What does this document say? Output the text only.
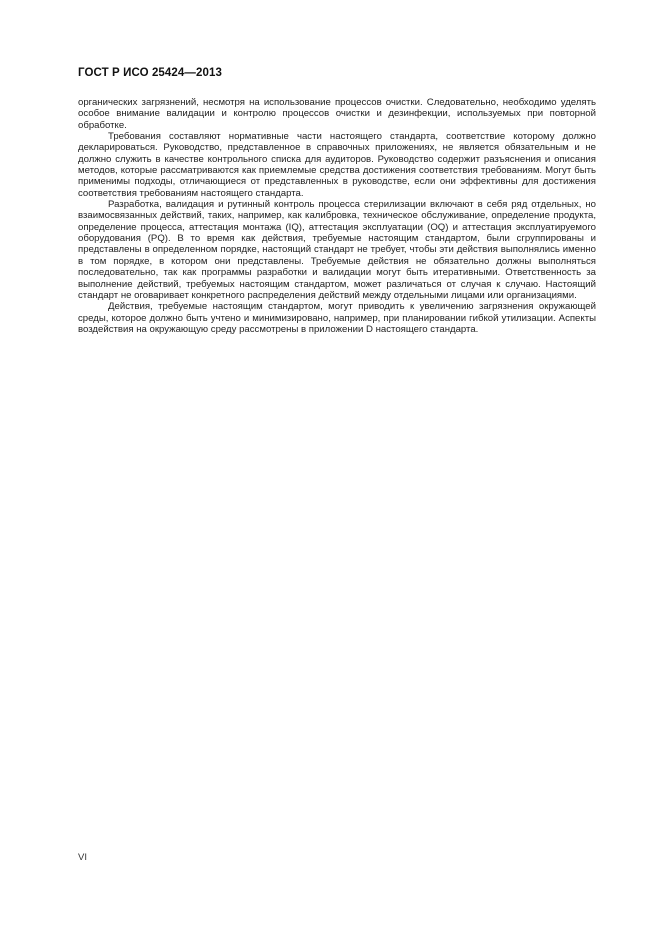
ГОСТ Р ИСО 25424—2013

органических загрязнений, несмотря на использование процессов очистки. Следовательно, необходимо уделять особое внимание валидации и контролю процессов очистки и дезинфекции, используемых при повторной обработке.

Требования составляют нормативные части настоящего стандарта, соответствие которому должно декларироваться. Руководство, представленное в справочных приложениях, не является обязательным и не должно служить в качестве контрольного списка для аудиторов. Руководство содержит разъяснения и описания методов, которые рассматриваются как приемлемые средства достижения соответствия требованиям. Могут быть применимы подходы, отличающиеся от представленных в руководстве, если они эффективны для достижения соответствия требованиям настоящего стандарта.

Разработка, валидация и рутинный контроль процесса стерилизации включают в себя ряд отдельных, но взаимосвязанных действий, таких, например, как калибровка, техническое обслуживание, определение продукта, определение процесса, аттестация монтажа (IQ), аттестация эксплуатации (OQ) и аттестация эксплуатируемого оборудования (PQ). В то время как действия, требуемые настоящим стандартом, были сгруппированы и представлены в определенном порядке, настоящий стандарт не требует, чтобы эти действия выполнялись именно в том порядке, в котором они представлены. Требуемые действия не обязательно должны выполняться последовательно, так как программы разработки и валидации могут быть итеративными. Ответственность за выполнение действий, требуемых настоящим стандартом, может различаться от случая к случаю. Настоящий стандарт не оговаривает конкретного распределения действий между отдельными лицами или организациями.

Действия, требуемые настоящим стандартом, могут приводить к увеличению загрязнения окружающей среды, которое должно быть учтено и минимизировано, например, при планировании гибкой утилизации. Аспекты воздействия на окружающую среду рассмотрены в приложении D настоящего стандарта.

VI
